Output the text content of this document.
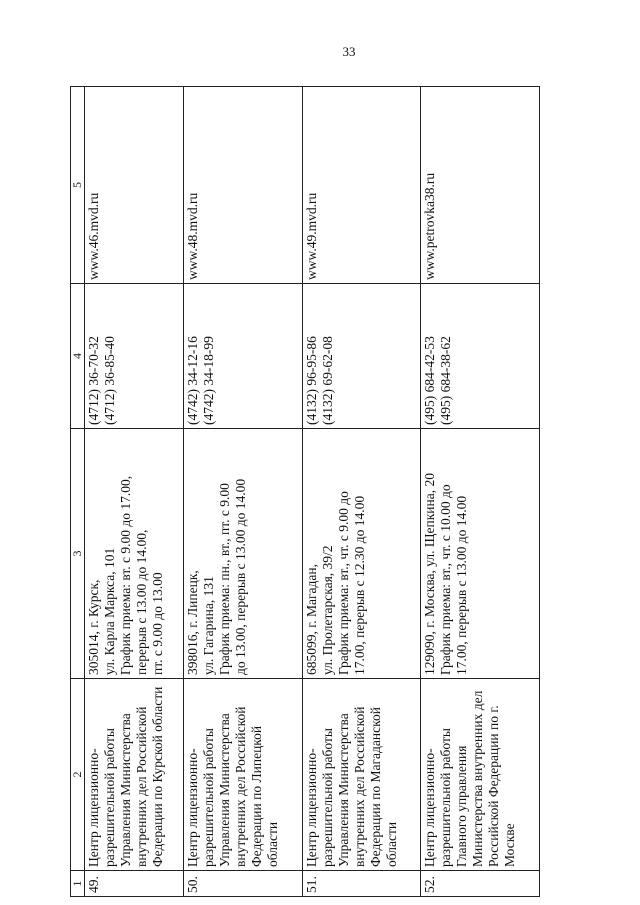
33
1	2	3	4	5
49.	Центр лицензионно-разрешительной работы Управления Министерства внутренних дел Российской Федерации по Курской области	305014, г. Курск, ул. Карла Маркса, 101 График приема: вт. с 9.00 до 17.00, перерыв с 13.00 до 14.00, пт. с 9.00 до 13.00	(4712) 36-70-32 (4712) 36-85-40	www.46.mvd.ru
50.	Центр лицензионно-разрешительной работы Управления Министерства внутренних дел Российской Федерации по Липецкой области	398016, г. Липецк, ул. Гагарина, 131 График приема: пн., вт., пт. с 9.00 до 13.00, перерыв с 13.00 до 14.00	(4742) 34-12-16 (4742) 34-18-99	www.48.mvd.ru
51.	Центр лицензионно-разрешительной работы Управления Министерства внутренних дел Российской Федерации по Магаданской области	685099, г. Магадан, ул. Пролетарская, 39/2 График приема: вт., чт. с 9.00 до 17.00, перерыв с 12.30 до 14.00	(4132) 96-95-86 (4132) 69-62-08	www.49.mvd.ru
52.	Центр лицензионно-разрешительной работы Главного управления Министерства внутренних дел Российской Федерации по г. Москве	129090, г. Москва, ул. Щепкина, 20 График приема: вт., чт. с 10.00 до 17.00, перерыв с 13.00 до 14.00	(495) 684-42-53 (495) 684-38-62	www.petrovka38.ru
